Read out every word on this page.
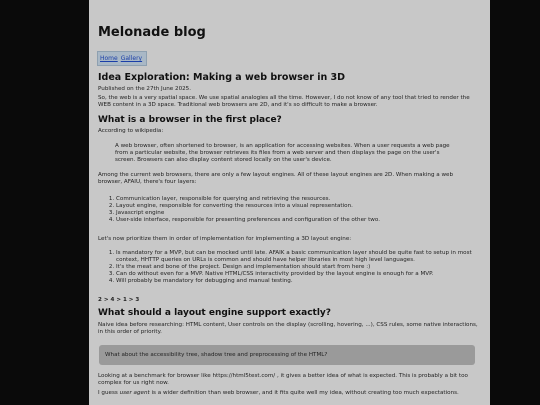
Melonade blog
Home Gallery
Idea Exploration: Making a web browser in 3D

Published on the 27th June 2025.

So, the web is a very spatial space. We use spatial analogies all the time. However, I do not know of any tool that tried to render the WEB content in a 3D space. Traditional web browsers are 2D, and it's so difficult to make a browser.

What is a browser in the first place?

According to wikipedia:

A web browser, often shortened to browser, is an application for accessing websites. When a user requests a web page from a particular website, the browser retrieves its files from a web server and then displays the page on the user's screen. Browsers can also display content stored locally on the user's device.

Among the current web browsers, there are only a few layout engines. All of these layout engines are 2D. When making a web browser, AFAIU, there's four layers:

1. Communication layer, responsible for querying and retrieving the resources.
2. Layout engine, responsible for converting the resources into a visual representation.
3. Javascript engine
4. User-side interface, responsible for presenting preferences and configuration of the other two.

Let's now prioritize them in order of implementation for implementing a 3D layout engine:

1. Is mandatory for a MVP, but can be mocked until late. AFAIK a basic communication layer should be quite fast to setup in most context, HHTTP queries on URLs is common and should have helper libraries in most high level languages.
2. It's the meat and bone of the project. Design and implementation should start from here :)
3. Can do without even for a MVP. Native HTML/CSS interactivity provided by the layout engine is enough for a MVP.
4. Will probably be mandatory for debugging and manual testing.

2 > 4 > 1 > 3

What should a layout engine support exactly?

Naive idea before researching: HTML content, User controls on the display (scrolling, hovering, ...), CSS rules, some native interactions, in this order of priority.

What about the accessibility tree, shadow tree and preprocessing of the HTML?

Looking at a benchmark for browser like https://html5test.com/ , it gives a better idea of what is expected. This is probably a bit too complex for us right now.

I guess user agent is a wider definition than web browser, and it fits quite well my idea, without creating too much expectations.
